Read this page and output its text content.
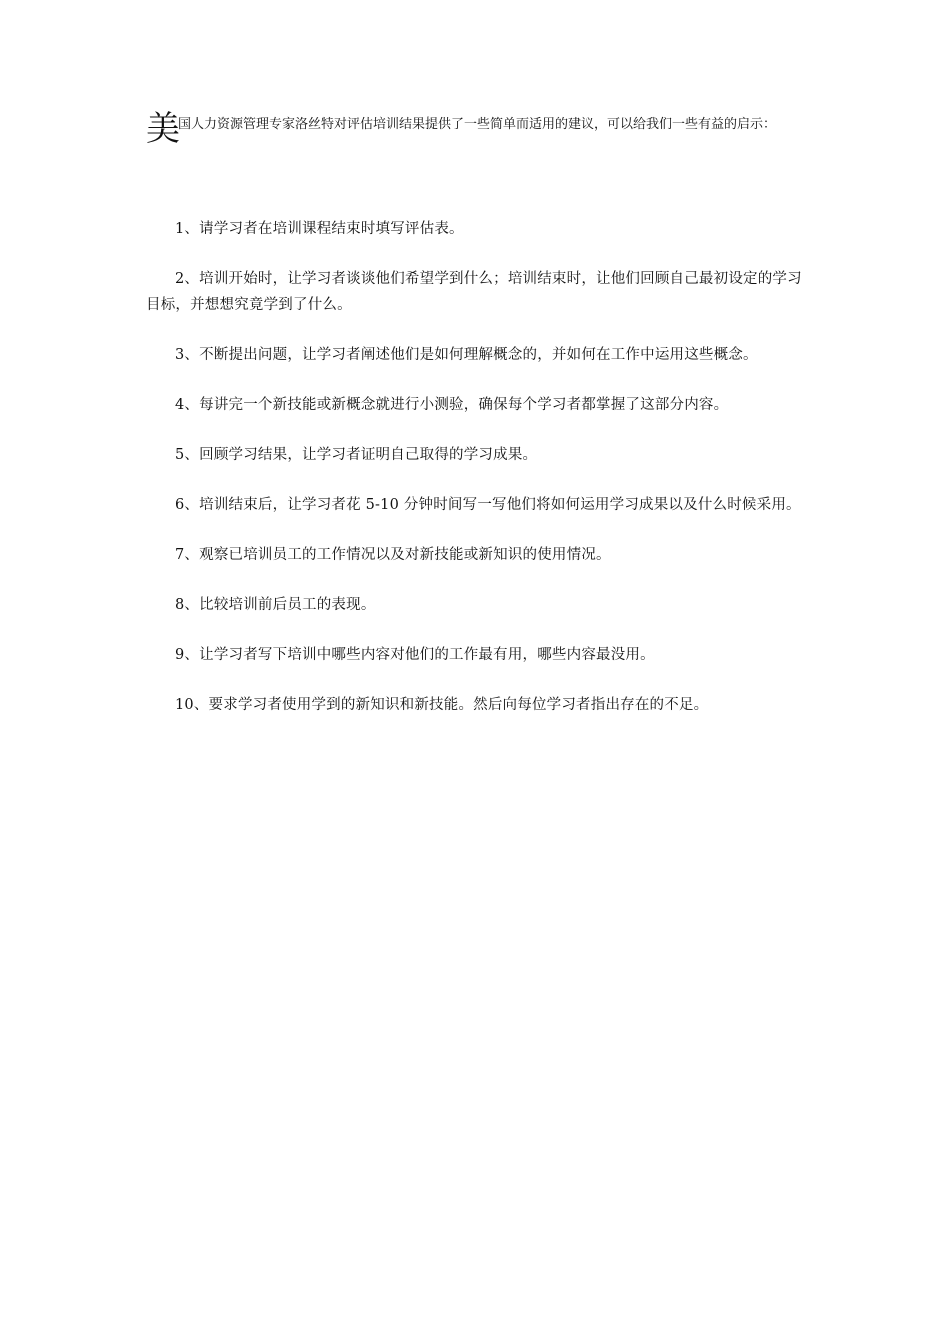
美
国人力资源管理专家洛丝特对评估培训结果提供了一些简单而适用的建议，可以给我们一些有益的启示：

1、请学习者在培训课程结束时填写评估表。

2、培训开始时，让学习者谈谈他们希望学到什么；培训结束时，让他们回顾自己最初设定的学习目标，并想想究竟学到了什么。

3、不断提出问题，让学习者阐述他们是如何理解概念的，并如何在工作中运用这些概念。

4、每讲完一个新技能或新概念就进行小测验，确保每个学习者都掌握了这部分内容。

5、回顾学习结果，让学习者证明自己取得的学习成果。

6、培训结束后，让学习者花 5-10 分钟时间写一写他们将如何运用学习成果以及什么时候采用。

7、观察已培训员工的工作情况以及对新技能或新知识的使用情况。

8、比较培训前后员工的表现。

9、让学习者写下培训中哪些内容对他们的工作最有用，哪些内容最没用。

10、要求学习者使用学到的新知识和新技能。然后向每位学习者指出存在的不足。
